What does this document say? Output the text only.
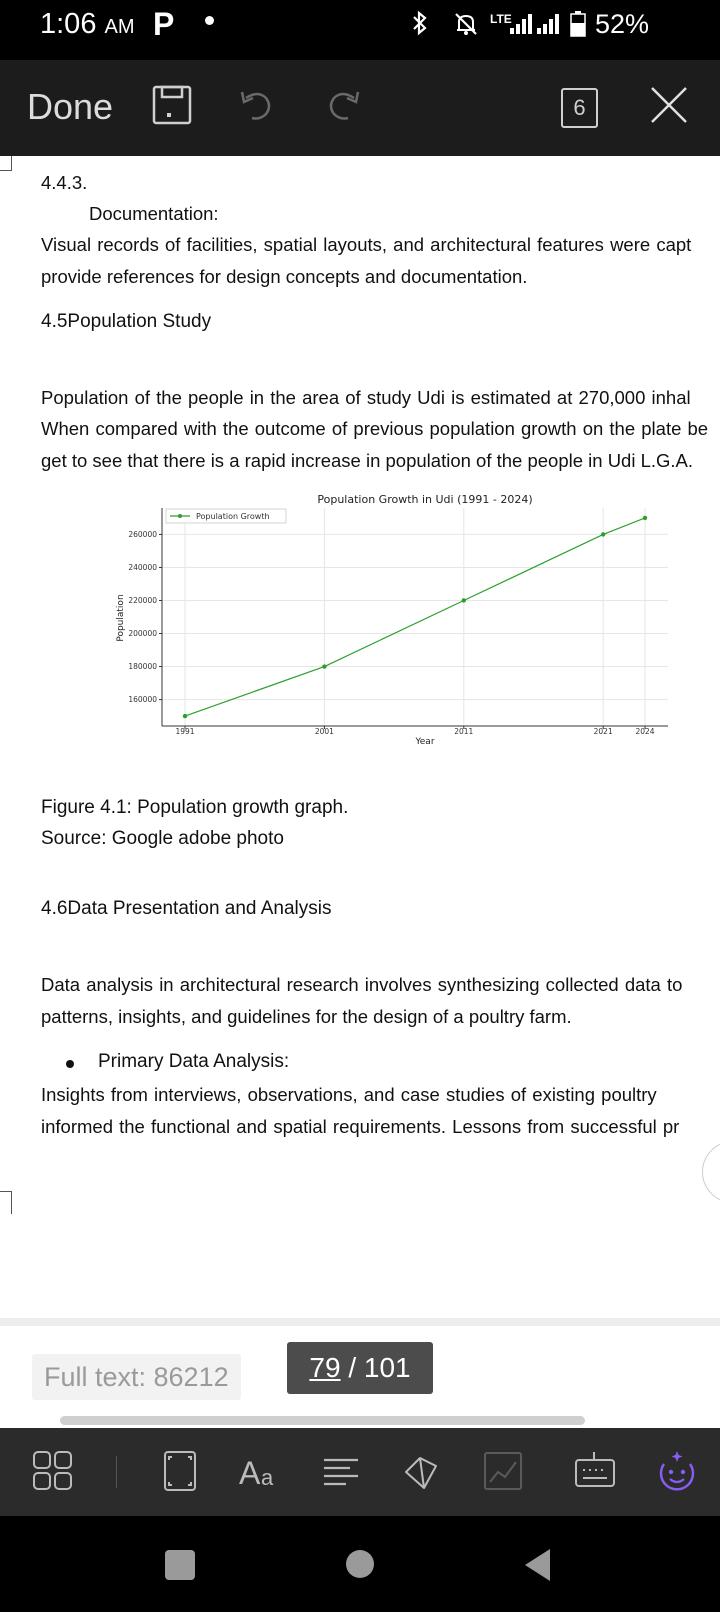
1:06 AM P	LTE	52%
Done	6
4.4.3.
Documentation:
Visual records of facilities, spatial layouts, and architectural features were capt
provide references for design concepts and documentation.
4.5Population Study
Population of the people in the area of study Udi is estimated at 270,000 inhal
When compared with the outcome of previous population growth on the plate be
get to see that there is a rapid increase in population of the people in Udi L.G.A.
Figure 4.1: Population growth graph.
Source: Google adobe photo
4.6Data Presentation and Analysis
Data analysis in architectural research involves synthesizing collected data to
patterns, insights, and guidelines for the design of a poultry farm.
Primary Data Analysis:
Insights from interviews, observations, and case studies of existing poultry
informed the functional and spatial requirements. Lessons from successful pr
Population Growth in Udi (1991 - 2024)
Year
Population
1991	2001	2011	2021	2024
160000
180000
200000
220000
240000
260000
Population Growth
Full text: 86212	79 / 101
A a
